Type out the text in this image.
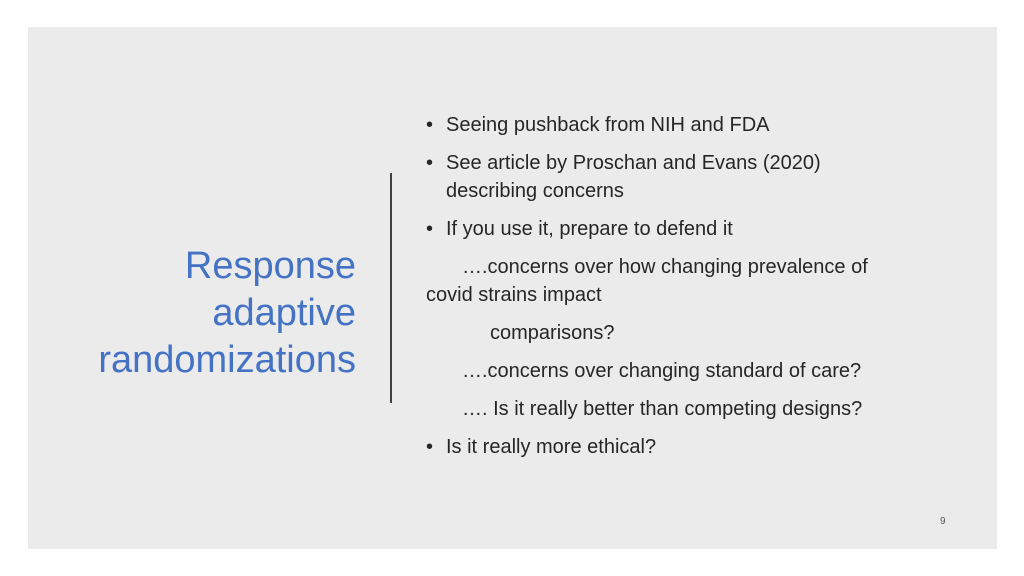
Response
adaptive
randomizations
• Seeing pushback from NIH and FDA
• See article by Proschan and Evans (2020)
describing concerns
• If you use it, prepare to defend it
….concerns over how changing prevalence of
covid strains impact
comparisons?
….concerns over changing standard of care?
…. Is it really better than competing designs?
• Is it really more ethical?
9
